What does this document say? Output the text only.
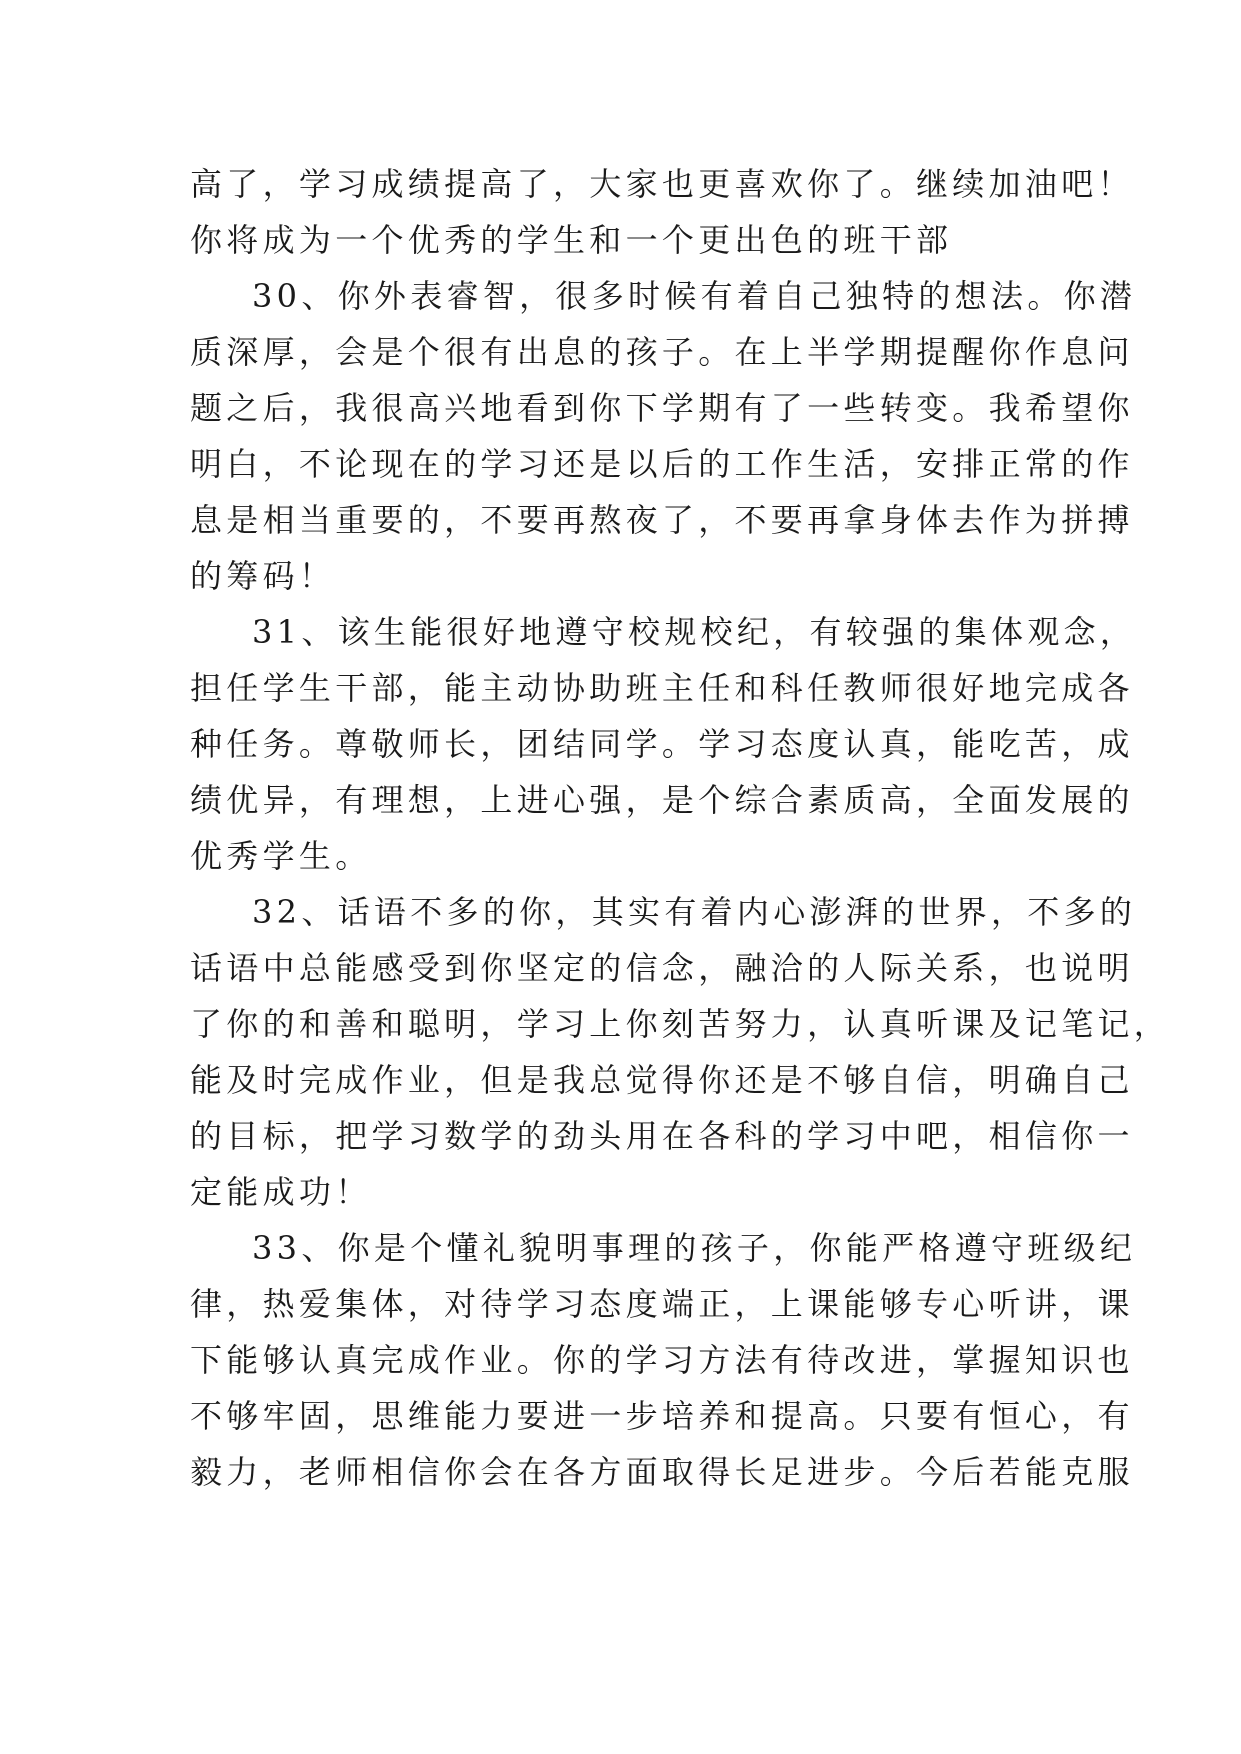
高了，学习成绩提高了，大家也更喜欢你了。继续加油吧！
你将成为一个优秀的学生和一个更出色的班干部
30、你外表睿智，很多时候有着自己独特的想法。你潜
质深厚，会是个很有出息的孩子。在上半学期提醒你作息问
题之后，我很高兴地看到你下学期有了一些转变。我希望你
明白，不论现在的学习还是以后的工作生活，安排正常的作
息是相当重要的，不要再熬夜了，不要再拿身体去作为拼搏
的筹码！
31、该生能很好地遵守校规校纪，有较强的集体观念，
担任学生干部，能主动协助班主任和科任教师很好地完成各
种任务。尊敬师长，团结同学。学习态度认真，能吃苦，成
绩优异，有理想，上进心强，是个综合素质高，全面发展的
优秀学生。
32、话语不多的你，其实有着内心澎湃的世界，不多的
话语中总能感受到你坚定的信念，融洽的人际关系，也说明
了你的和善和聪明，学习上你刻苦努力，认真听课及记笔记，
能及时完成作业，但是我总觉得你还是不够自信，明确自己
的目标，把学习数学的劲头用在各科的学习中吧，相信你一
定能成功！
33、你是个懂礼貌明事理的孩子，你能严格遵守班级纪
律，热爱集体，对待学习态度端正，上课能够专心听讲，课
下能够认真完成作业。你的学习方法有待改进，掌握知识也
不够牢固，思维能力要进一步培养和提高。只要有恒心，有
毅力，老师相信你会在各方面取得长足进步。今后若能克服
